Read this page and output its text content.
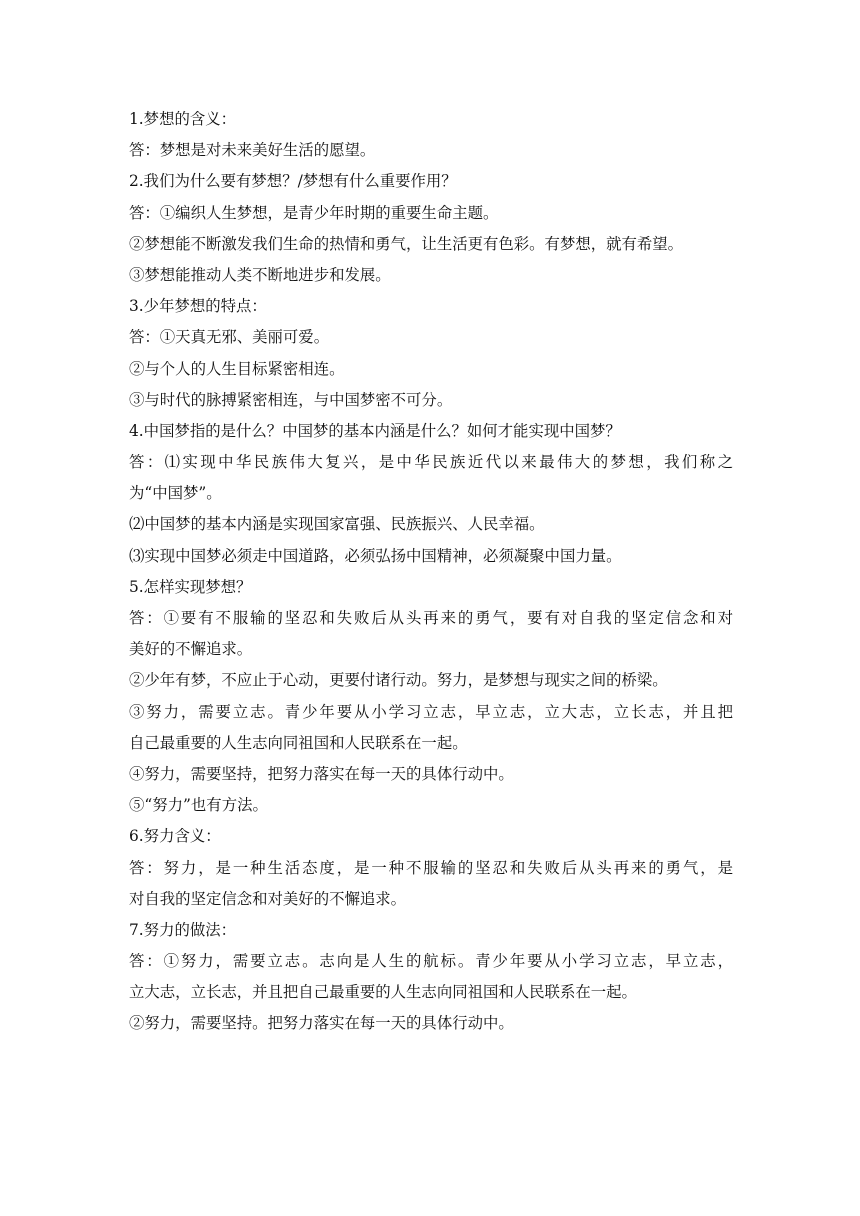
1.梦想的含义：
答：梦想是对未来美好生活的愿望。
2.我们为什么要有梦想？/梦想有什么重要作用？
答：①编织人生梦想，是青少年时期的重要生命主题。
②梦想能不断激发我们生命的热情和勇气，让生活更有色彩。有梦想，就有希望。
③梦想能推动人类不断地进步和发展。
3.少年梦想的特点：
答：①天真无邪、美丽可爱。
②与个人的人生目标紧密相连。
③与时代的脉搏紧密相连，与中国梦密不可分。
4.中国梦指的是什么？中国梦的基本内涵是什么？如何才能实现中国梦？
答：⑴实现中华民族伟大复兴，是中华民族近代以来最伟大的梦想，我们称之
为“中国梦”。
⑵中国梦的基本内涵是实现国家富强、民族振兴、人民幸福。
⑶实现中国梦必须走中国道路，必须弘扬中国精神，必须凝聚中国力量。
5.怎样实现梦想？
答：①要有不服输的坚忍和失败后从头再来的勇气，要有对自我的坚定信念和对
美好的不懈追求。
②少年有梦，不应止于心动，更要付诸行动。努力，是梦想与现实之间的桥梁。
③努力，需要立志。青少年要从小学习立志，早立志，立大志，立长志，并且把
自己最重要的人生志向同祖国和人民联系在一起。
④努力，需要坚持，把努力落实在每一天的具体行动中。
⑤“努力”也有方法。
6.努力含义：
答：努力，是一种生活态度，是一种不服输的坚忍和失败后从头再来的勇气，是
对自我的坚定信念和对美好的不懈追求。
7.努力的做法：
答：①努力，需要立志。志向是人生的航标。青少年要从小学习立志，早立志，
立大志，立长志，并且把自己最重要的人生志向同祖国和人民联系在一起。
②努力，需要坚持。把努力落实在每一天的具体行动中。
